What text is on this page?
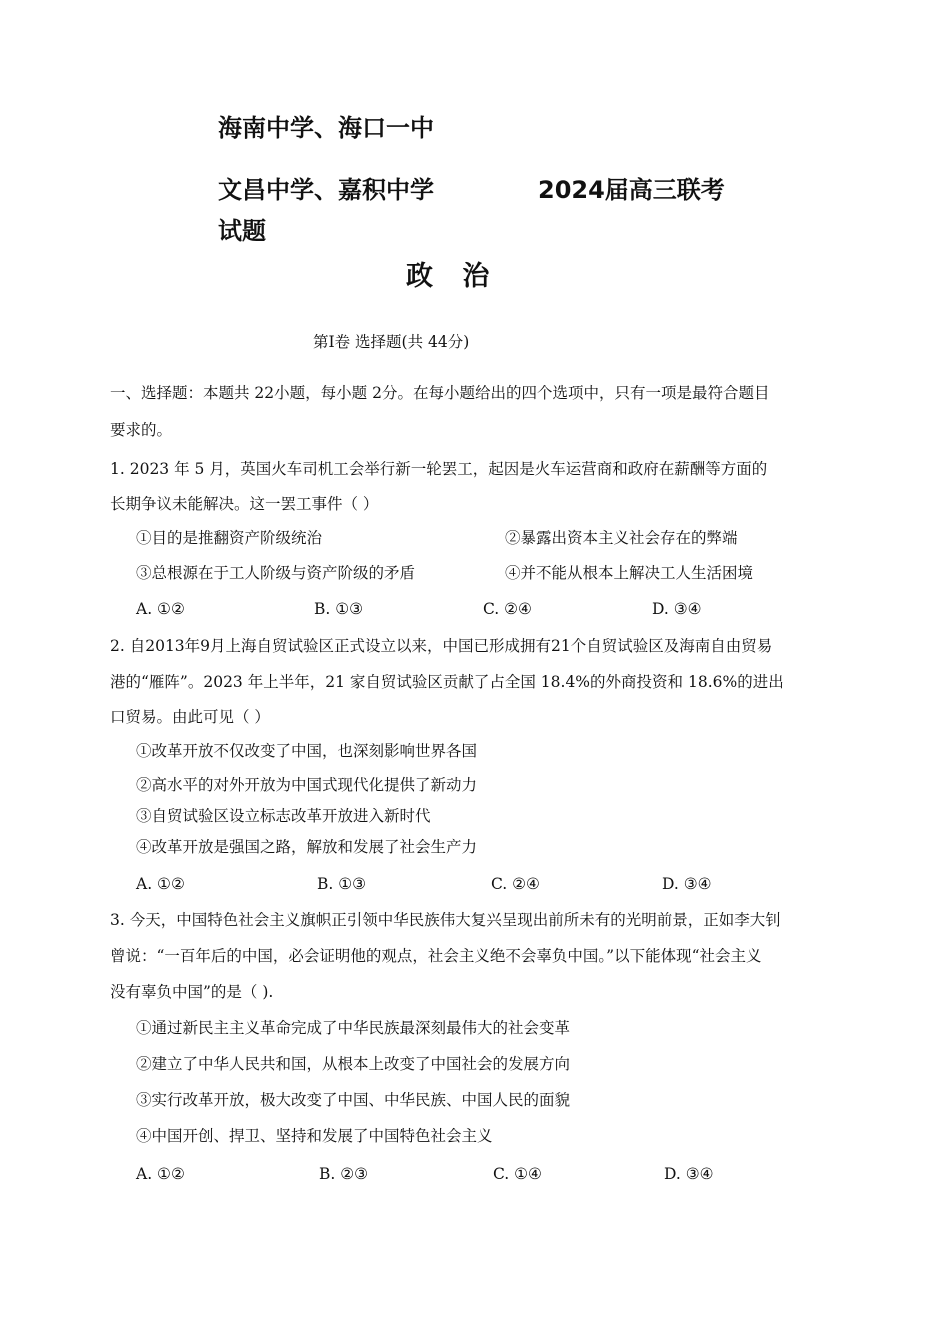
海南中学、海口一中
文昌中学、嘉积中学	2024届高三联考
试题
政 治
第Ⅰ卷 选择题(共 44分)
一、选择题：本题共 22小题，每小题 2分。在每小题给出的四个选项中，只有一项是最符合题目
要求的。
1. 2023 年 5 月，英国火车司机工会举行新一轮罢工，起因是火车运营商和政府在薪酬等方面的
长期争议未能解决。这一罢工事件（ ）
①目的是推翻资产阶级统治	②暴露出资本主义社会存在的弊端
③总根源在于工人阶级与资产阶级的矛盾	④并不能从根本上解决工人生活困境
A. ①②	B. ①③	C. ②④	D. ③④
2. 自2013年9月上海自贸试验区正式设立以来，中国已形成拥有21个自贸试验区及海南自由贸易
港的“雁阵”。2023 年上半年，21 家自贸试验区贡献了占全国 18.4%的外商投资和 18.6%的进出
口贸易。由此可见（ ）
①改革开放不仅改变了中国，也深刻影响世界各国
②高水平的对外开放为中国式现代化提供了新动力
③自贸试验区设立标志改革开放进入新时代
④改革开放是强国之路，解放和发展了社会生产力
A. ①②	B. ①③	C. ②④	D. ③④
3. 今天，中国特色社会主义旗帜正引领中华民族伟大复兴呈现出前所未有的光明前景，正如李大钊
曾说：“一百年后的中国，必会证明他的观点，社会主义绝不会辜负中国。”以下能体现“社会主义
没有辜负中国”的是（ ).
①通过新民主主义革命完成了中华民族最深刻最伟大的社会变革
②建立了中华人民共和国，从根本上改变了中国社会的发展方向
③实行改革开放，极大改变了中国、中华民族、中国人民的面貌
④中国开创、捍卫、坚持和发展了中国特色社会主义
A. ①②	B. ②③	C. ①④	D. ③④
